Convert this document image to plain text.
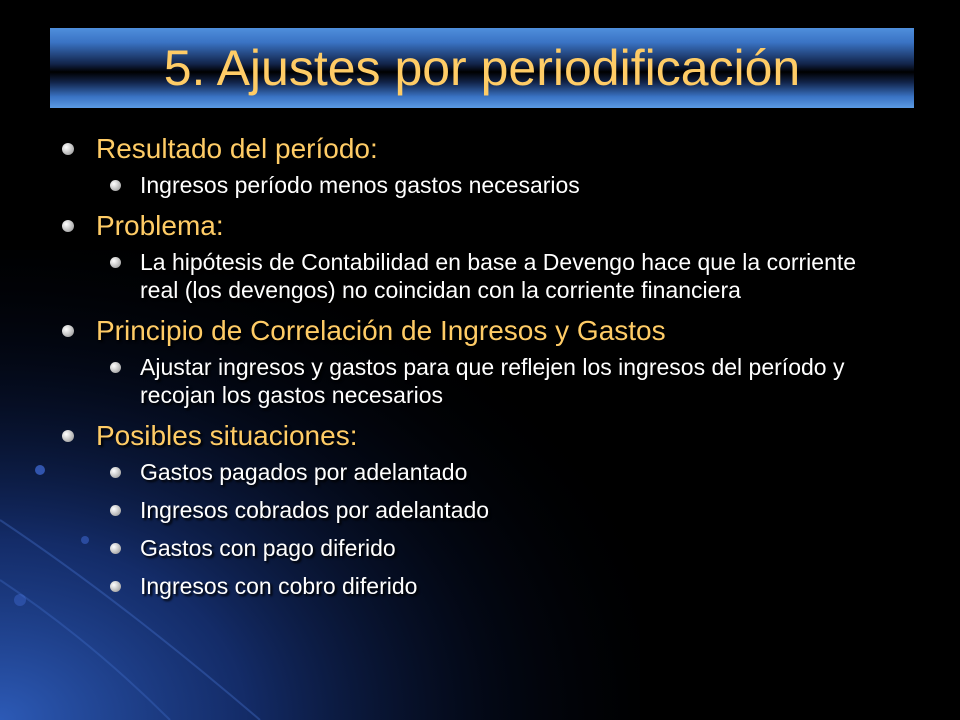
5. Ajustes por periodificación
Resultado del período:
Ingresos período menos gastos necesarios
Problema:
La hipótesis de Contabilidad en base a Devengo hace que la corriente real (los devengos) no coincidan con la corriente financiera
Principio de Correlación de Ingresos y Gastos
Ajustar ingresos y gastos para que reflejen los ingresos del período y recojan los gastos necesarios
Posibles situaciones:
Gastos pagados por adelantado
Ingresos cobrados por adelantado
Gastos con pago diferido
Ingresos con cobro diferido
